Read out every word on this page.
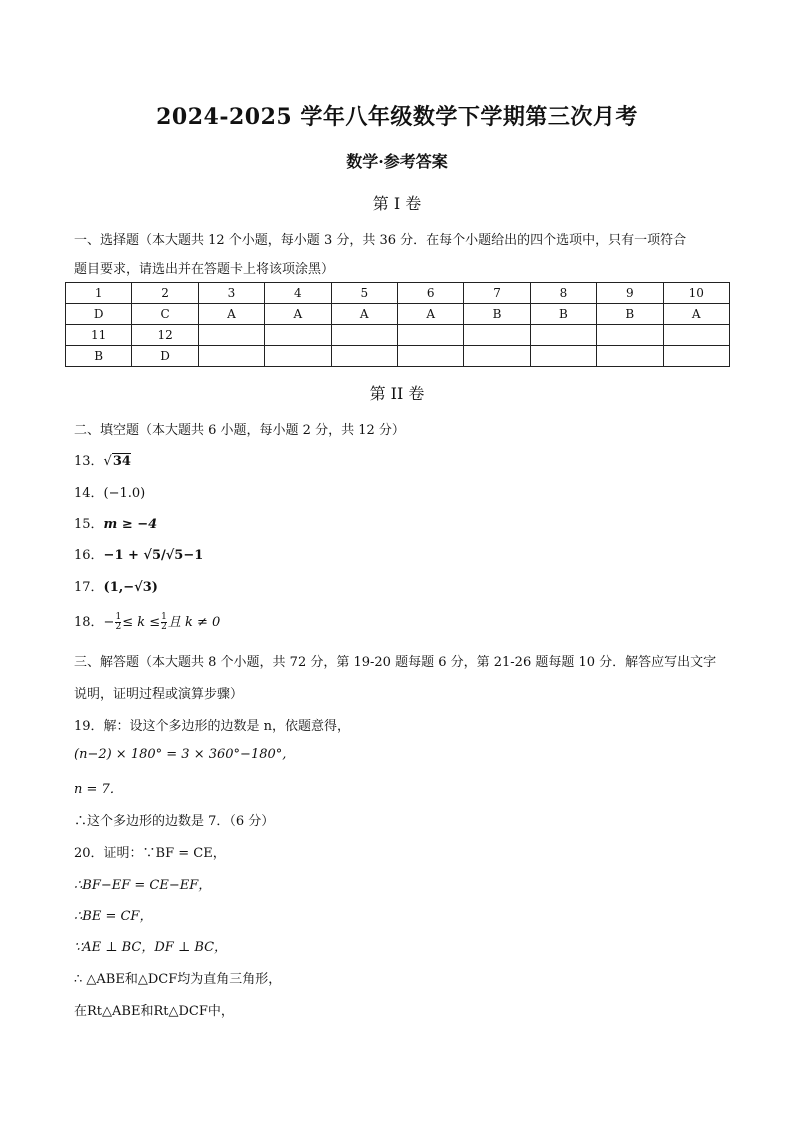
2024-2025 学年八年级数学下学期第三次月考
数学·参考答案
第 I 卷
一、选择题（本大题共 12 个小题，每小题 3 分，共 36 分．在每个小题给出的四个选项中，只有一项符合
题目要求，请选出并在答题卡上将该项涂黑）
1	2	3	4	5	6	7	8	9	10
D	C	A	A	A	A	B	B	B	A
11	12								
B	D								
第 II 卷
二、填空题（本大题共 6 小题，每小题 2 分，共 12 分）
13．√34
14．(−1.0)
15．m ≥ −4
16．−1 + √5/√5−1
17．(1,−√3)
18．− $\frac{1}{2} \le k \le \frac{1}{2}$ 且 k ≠ 0
三、解答题（本大题共 8 个小题，共 72 分，第 19-20 题每题 6 分，第 21-26 题每题 10 分．解答应写出文字
说明，证明过程或演算步骤）
19．解：设这个多边形的边数是 n，依题意得，
(n−2) × 180° = 3 × 360°−180°,
n = 7．
∴这个多边形的边数是 7．（6 分）
20．证明：∵BF = CE，
∴BF−EF = CE−EF，
∴BE = CF，
∵AE ⊥ BC，DF ⊥ BC，
∴ △ABE和△DCF均为直角三角形，
在Rt△ABE和Rt△DCF中，
